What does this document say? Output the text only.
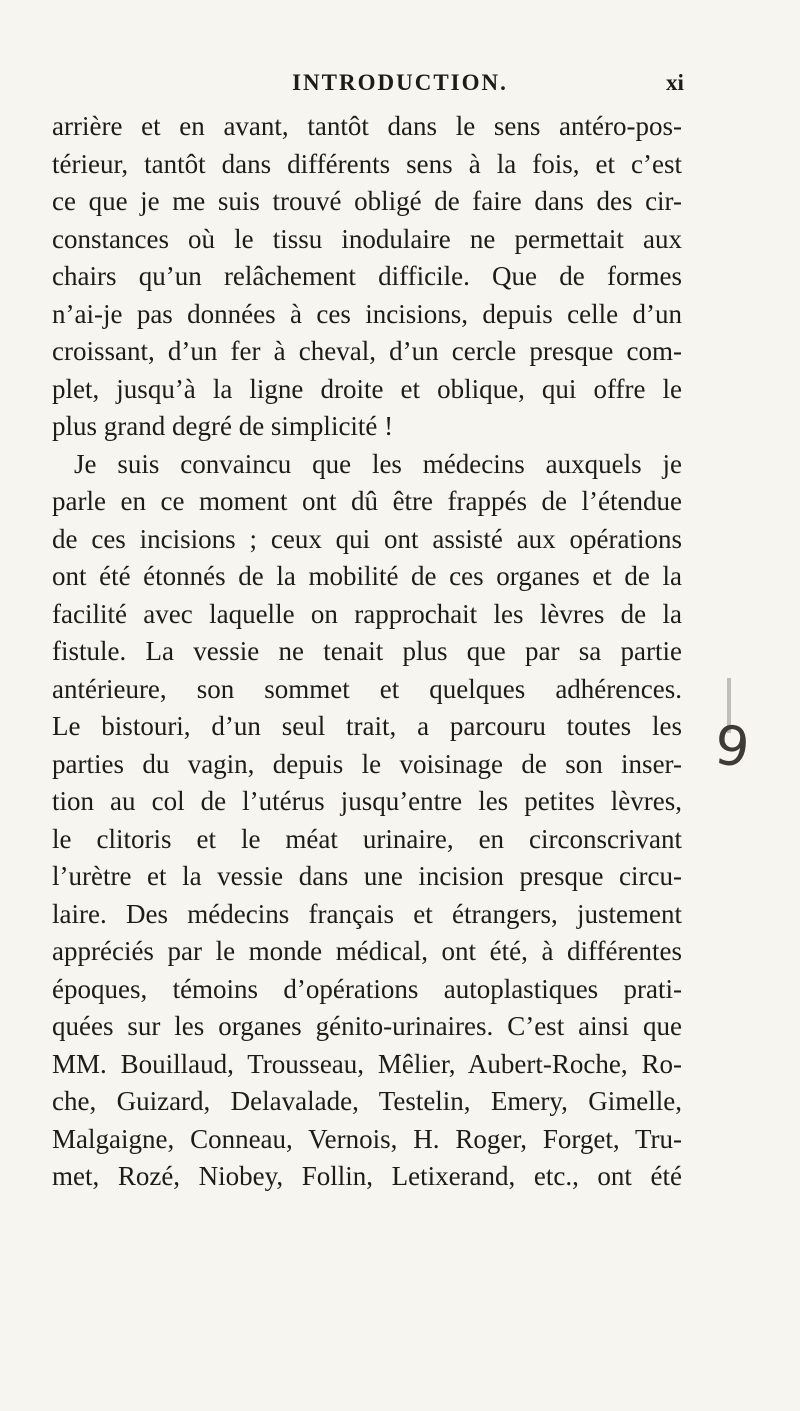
INTRODUCTION.	xi
arrière et en avant, tantôt dans le sens antéro-pos-
térieur, tantôt dans différents sens à la fois, et c’est
ce que je me suis trouvé obligé de faire dans des cir-
constances où le tissu inodulaire ne permettait aux
chairs qu’un relâchement difficile. Que de formes
n’ai-je pas données à ces incisions, depuis celle d’un
croissant, d’un fer à cheval, d’un cercle presque com-
plet, jusqu’à la ligne droite et oblique, qui offre le
plus grand degré de simplicité !
Je suis convaincu que les médecins auxquels je
parle en ce moment ont dû être frappés de l’étendue
de ces incisions ; ceux qui ont assisté aux opérations
ont été étonnés de la mobilité de ces organes et de la
facilité avec laquelle on rapprochait les lèvres de la
fistule. La vessie ne tenait plus que par sa partie
antérieure, son sommet et quelques adhérences.
Le bistouri, d’un seul trait, a parcouru toutes les
parties du vagin, depuis le voisinage de son inser-
tion au col de l’utérus jusqu’entre les petites lèvres,
le clitoris et le méat urinaire, en circonscrivant
l’urètre et la vessie dans une incision presque circu-
laire. Des médecins français et étrangers, justement
appréciés par le monde médical, ont été, à différentes
époques, témoins d’opérations autoplastiques prati-
quées sur les organes génito-urinaires. C’est ainsi que
MM. Bouillaud, Trousseau, Mêlier, Aubert-Roche, Ro-
che, Guizard, Delavalade, Testelin, Emery, Gimelle,
Malgaigne, Conneau, Vernois, H. Roger, Forget, Tru-
met, Rozé, Niobey, Follin, Letixerand, etc., ont été
9
